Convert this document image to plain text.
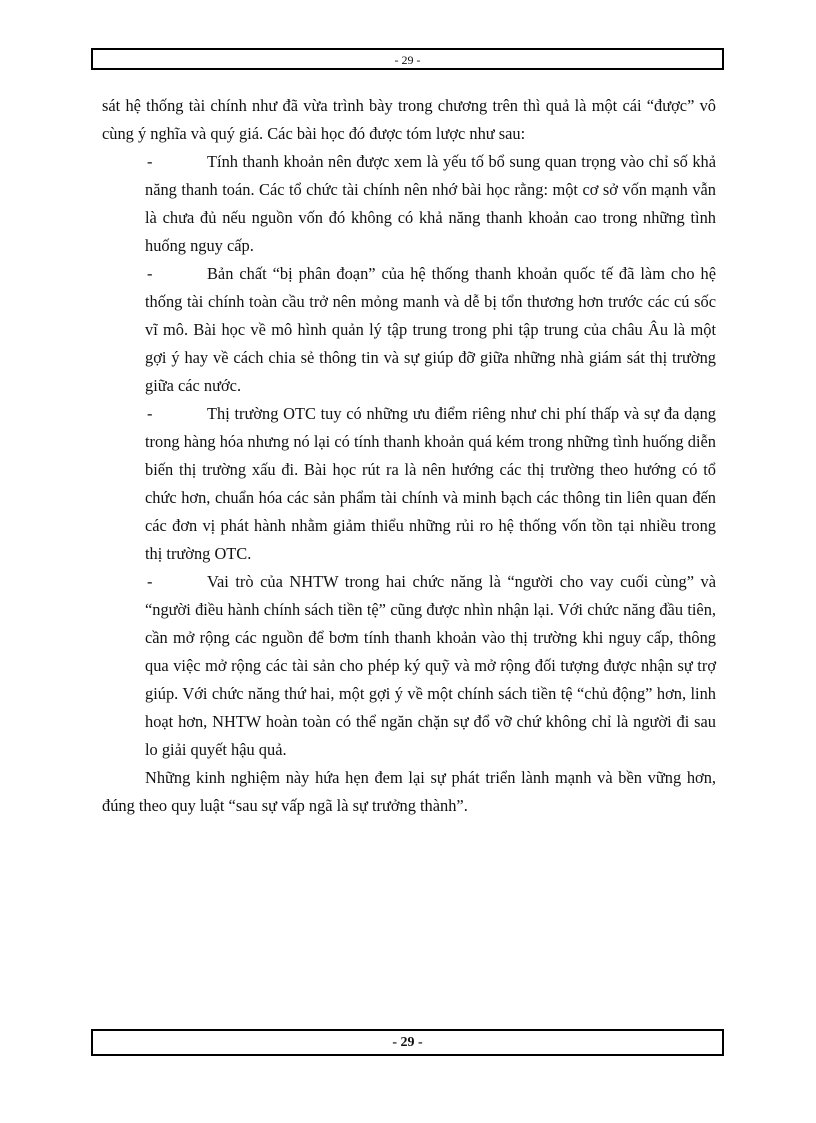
- 29 -

sát hệ thống tài chính như đã vừa trình bày trong chương trên thì quả là một cái “được” vô cùng ý nghĩa và quý giá. Các bài học đó được tóm lược như sau:

-	Tính thanh khoản nên được xem là yếu tố bổ sung quan trọng vào chỉ số khả năng thanh toán. Các tổ chức tài chính nên nhớ bài học rằng: một cơ sở vốn mạnh vẫn là chưa đủ nếu nguồn vốn đó không có khả năng thanh khoản cao trong những tình huống nguy cấp.
-	Bản chất “bị phân đoạn” của hệ thống thanh khoản quốc tế đã làm cho hệ thống tài chính toàn cầu trở nên mỏng manh và dễ bị tổn thương hơn trước các cú sốc vĩ mô. Bài học về mô hình quản lý tập trung trong phi tập trung của châu Âu là một gợi ý hay về cách chia sẻ thông tin và sự giúp đỡ giữa những nhà giám sát thị trường giữa các nước.
-	Thị trường OTC tuy có những ưu điểm riêng như chi phí thấp và sự đa dạng trong hàng hóa nhưng nó lại có tính thanh khoản quá kém trong những tình huống diễn biến thị trường xấu đi. Bài học rút ra là nên hướng các thị trường theo hướng có tổ chức hơn, chuẩn hóa các sản phẩm tài chính và minh bạch các thông tin liên quan đến các đơn vị phát hành nhằm giảm thiểu những rủi ro hệ thống vốn tồn tại nhiều trong thị trường OTC.
-	Vai trò của NHTW trong hai chức năng là “người cho vay cuối cùng” và “người điều hành chính sách tiền tệ” cũng được nhìn nhận lại. Với chức năng đầu tiên, cần mở rộng các nguồn để bơm tính thanh khoản vào thị trường khi nguy cấp, thông qua việc mở rộng các tài sản cho phép ký quỹ và mở rộng đối tượng được nhận sự trợ giúp. Với chức năng thứ hai, một gợi ý về một chính sách tiền tệ “chủ động” hơn, linh hoạt hơn, NHTW hoàn toàn có thể ngăn chặn sự đổ vỡ chứ không chỉ là người đi sau lo giải quyết hậu quả.

Những kinh nghiệm này hứa hẹn đem lại sự phát triển lành mạnh và bền vững hơn, đúng theo quy luật “sau sự vấp ngã là sự trưởng thành”.

- 29 -
